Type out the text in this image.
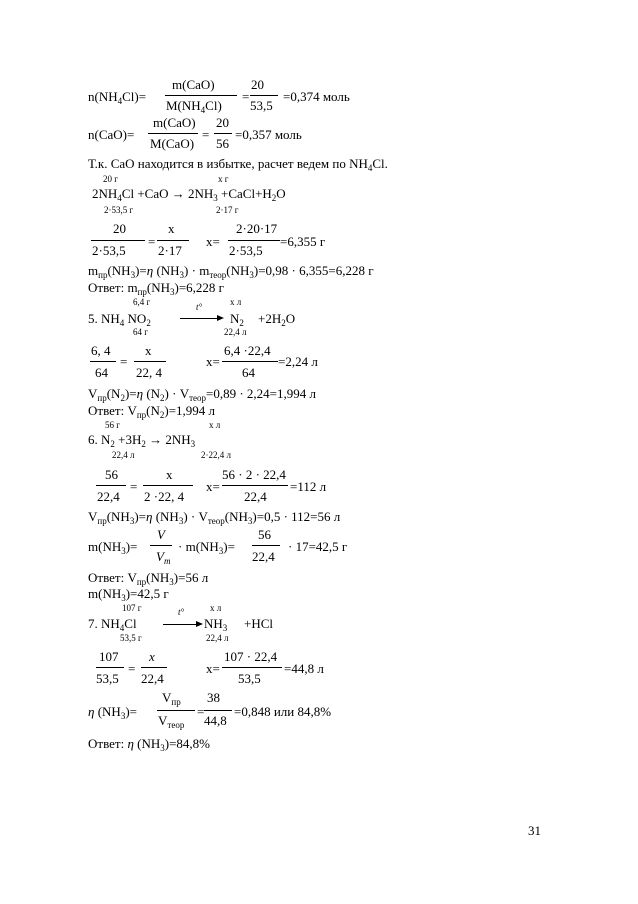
$n(NH_4Cl)=$
m(CaO)
$M(NH_4Cl)$
=
20
53,5
=0,374 моль
n(CaO)=
m(CaO)
M(CaO)
=
20
56
=0,357 моль
Т.к. CaO находится в избытке, расчет ведем по $NH_4Cl$.
20 г	х г
$2NH_4Cl +CaO \to 2NH_3$ $+CaCl+H_2O$
2·53,5 г	2·17 г
20
2·53,5
=
x
2·17
x=
2·20·17
2·53,5
=6,355 г
$m_{пр}(NH_3)=\eta$ $(NH_3) \cdot m_{теор}(NH_3)=0,98 \cdot 6,355=6,228$ г
Ответ: $m_{пр}(NH_3)=6,228$ г
6,4 г	t°	х л
5. $NH_4$ $NO_2$	$N_2 +2H_2O$
64 г	22,4 л
6, 4
64
=
x
22, 4
x=
6,4 ·22,4
64
=2,24 л
$V_{пр}(N_2)=\eta$ $(N_2) \cdot V_{теор}=0,89 \cdot 2,24=1,994$ л
Ответ: $V_{пр}(N_2)=1,994$ л
56 г	х л
6. $N_2 +3H_2 \to 2NH_3$
22,4 л	2·22,4 л
56
22,4
=
x
2 ·22, 4
x=
56 · 2 · 22,4
22,4
=112 л
$V_{пр}(NH_3)=\eta$ $(NH_3) \cdot V_{теор}(NH_3)=0,5 \cdot 112=56$ л
$m(NH_3)=$
V
$V_m$
· $m(NH_3)=$
56
22,4
· 17=42,5 г
Ответ: $V_{пр}(NH_3)=56$ л
$m(NH_3)=42,5$ г
107 г	t°	х л
7. $NH_4Cl$	$NH_3 +HCl$
53,5 г	22,4 л
107
53,5
=
x
22,4
x=
107 · 22,4
53,5
=44,8 л
η $(NH_3)=$
$V_{пр}$
$V_{теор}$
=
38
44,8
=0,848 или 84,8%
Ответ: η $(NH_3)=84,8\%$
31
